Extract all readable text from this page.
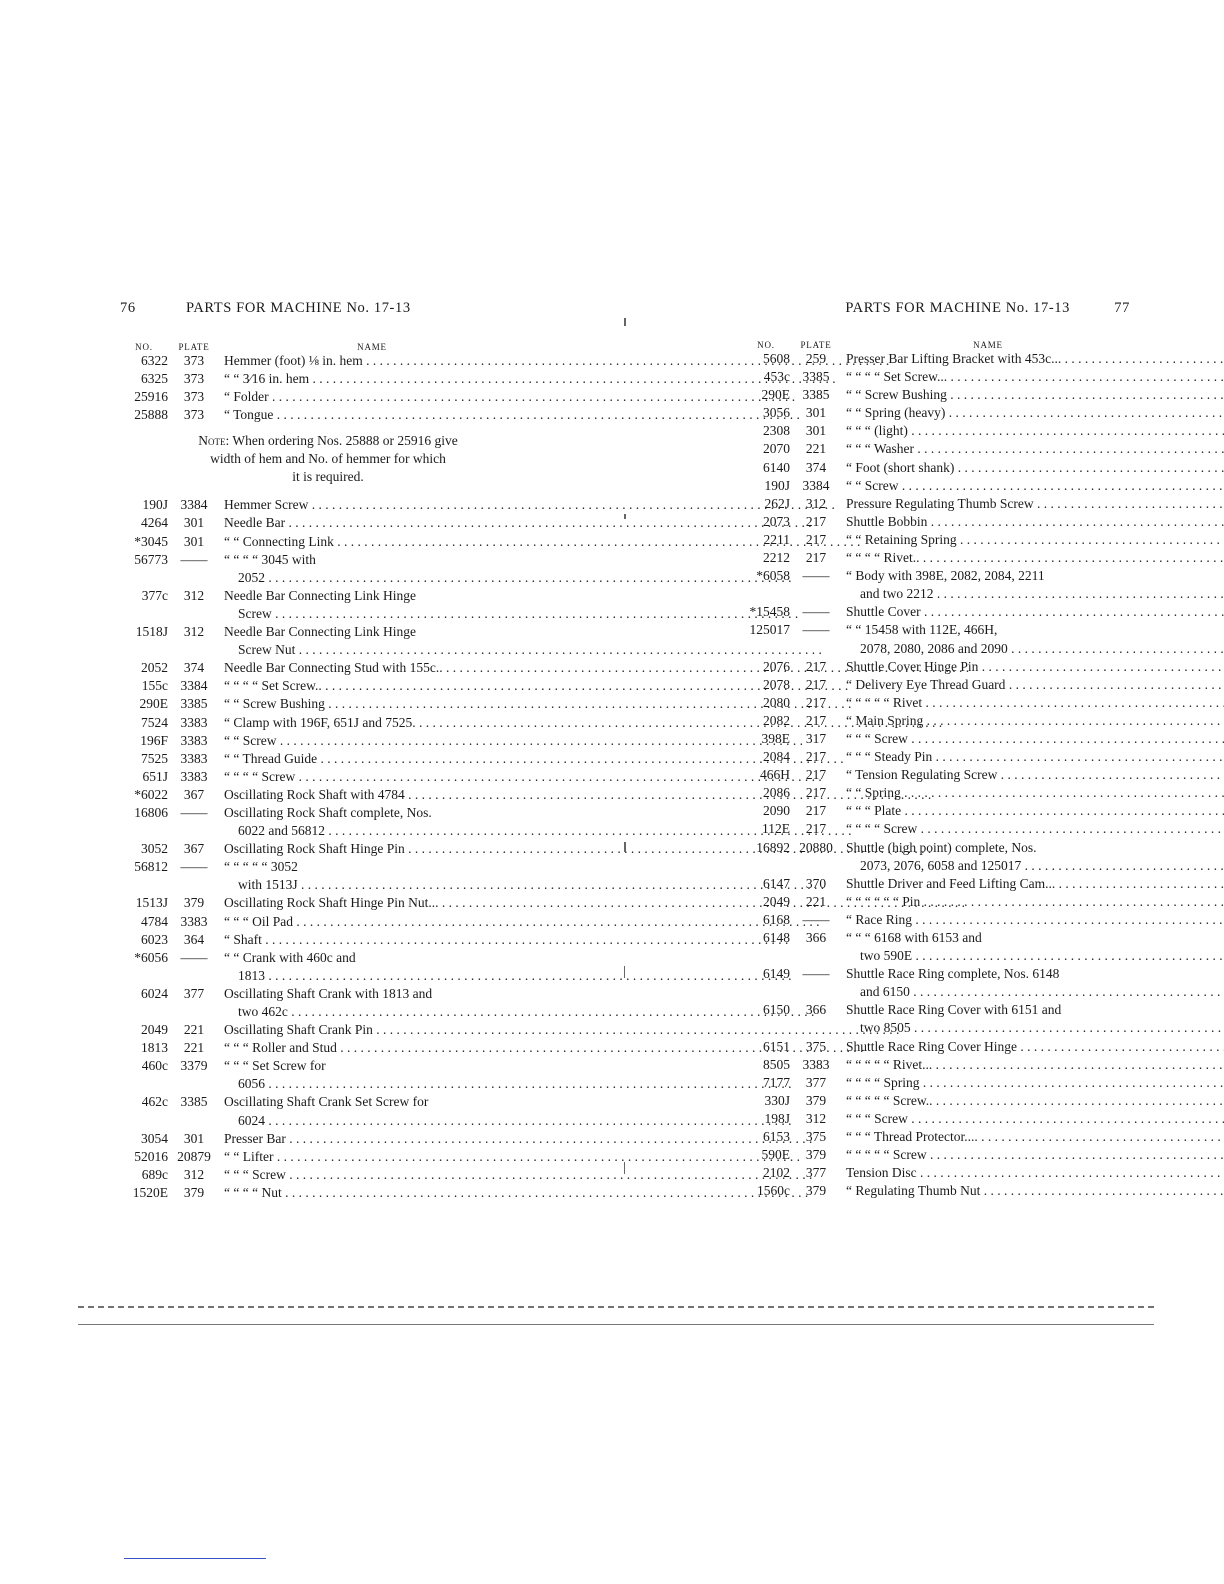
76	PARTS FOR MACHINE No. 17-13
NO.	PLATE	NAME
6322	373	Hemmer (foot) ⅛ in. hem . . .
6325	373	“ “ 3⁄16 in. hem . . .
25916	373	“ Folder . . .
25888	373	“ Tongue . . .
Note: When ordering Nos. 25888 or 25916 give
width of hem and No. of hemmer for which
it is required.
190J 3384	Hemmer Screw . . .
4264	301	Needle Bar . . .
*3045	301	“ “ Connecting Link . . .
56773 ——	“ “ “ “ 3045 with
2052 . . .
377c	312	Needle Bar Connecting Link Hinge
Screw . . .
1518J	312	Needle Bar Connecting Link Hinge
Screw Nut . . .
2052	374	Needle Bar Connecting Stud with 155c.. . . .
155c 3384	“ “ “ “ Set Screw.. . . .
290E 3385	“ “ Screw Bushing . . .
7524 3383	“ Clamp with 196F, 651J and 7525. . . .
196F 3383	“ “ Screw . . .
7525 3383	“ “ Thread Guide . . .
651J 3383	“ “ “ “ Screw . . .
*6022	367	Oscillating Rock Shaft with 4784 . . .
16806 ——	Oscillating Rock Shaft complete, Nos.
6022 and 56812 . . .
3052	367	Oscillating Rock Shaft Hinge Pin . . .
56812 ——	“ “ “ “ “ 3052
with 1513J . . .
1513J	379	Oscillating Rock Shaft Hinge Pin Nut... . . .
4784 3383	“ “ “ Oil Pad . . .
6023	364	“ Shaft . . .
*6056 ——	“ “ Crank with 460c and
1813 . . .
6024	377	Oscillating Shaft Crank with 1813 and
two 462c . . .
2049	221	Oscillating Shaft Crank Pin . . .
1813	221	“ “ “ Roller and Stud . . .
460c 3379	“ “ “ Set Screw for
6056 . . .
462c 3385	Oscillating Shaft Crank Set Screw for
6024 . . .
3054	301	Presser Bar . . .
52016 20879 “ “ Lifter . . .
689c	312	“ “ “ Screw . . .
1520E	379	“ “ “ “ Nut . . .
PARTS FOR MACHINE No. 17-13	77
NO.	PLATE	NAME
5608	259	Presser Bar Lifting Bracket with 453c... . . .
453c 3385	“ “ “ “ Set Screw... . . .
290E 3385	“ “ Screw Bushing . . .
3056	301	“ “ Spring (heavy) . . .
2308	301	“ “ “ (light) . . .
2070	221	“ “ “ Washer . . .
6140	374	“ Foot (short shank) . . .
190J 3384	“ “ Screw . . .
262J	312	Pressure Regulating Thumb Screw . . .
2073	217	Shuttle Bobbin . . .
2211	217	“ “ Retaining Spring . . .
2212	217	“ “ “ “ Rivet.. . . .
*6058 ——	“ Body with 398E, 2082, 2084, 2211
and two 2212 . . .
*15458 ——	Shuttle Cover . . .
125017 ——	“ “ 15458 with 112E, 466H,
2078, 2080, 2086 and 2090 . . .
2076	217	Shuttle Cover Hinge Pin . . .
2078	217	“ Delivery Eye Thread Guard . . .
2080	217	“ “ “ “ “ Rivet . . .
2082	217	“ Main Spring . . .
398E	317	“ “ “ Screw . . .
2084	217	“ “ “ Steady Pin . . .
466H	217	“ Tension Regulating Screw . . .
2086	217	“ “ Spring . . .
2090	217	“ “ “ Plate . . .
112E	217	“ “ “ “ Screw . . .
16892 20880 Shuttle (high point) complete, Nos.
2073, 2076, 6058 and 125017 . . .
6147	370	Shuttle Driver and Feed Lifting Cam... . . .
2049	221	“ “ “ “ “ “ Pin . . .
6168 ——	“ Race Ring . . .
6148	366	“ “ “ 6168 with 6153 and
two 590E . . .
6149 ——	Shuttle Race Ring complete, Nos. 6148
and 6150 . . .
6150	366	Shuttle Race Ring Cover with 6151 and
two 8505 . . .
6151	375	Shuttle Race Ring Cover Hinge . . .
8505 3383	“ “ “ “ “ Rivet... . . .
7177	377	“ “ “ “ Spring . . .
330J	379	“ “ “ “ “ Screw.. . . .
198J	312	“ “ “ Screw . . .
6153	375	“ “ “ Thread Protector.... . . .
590E	379	“ “ “ “ “ Screw . . .
2102	377	Tension Disc . . .
1560c	379	“ Regulating Thumb Nut . . .
